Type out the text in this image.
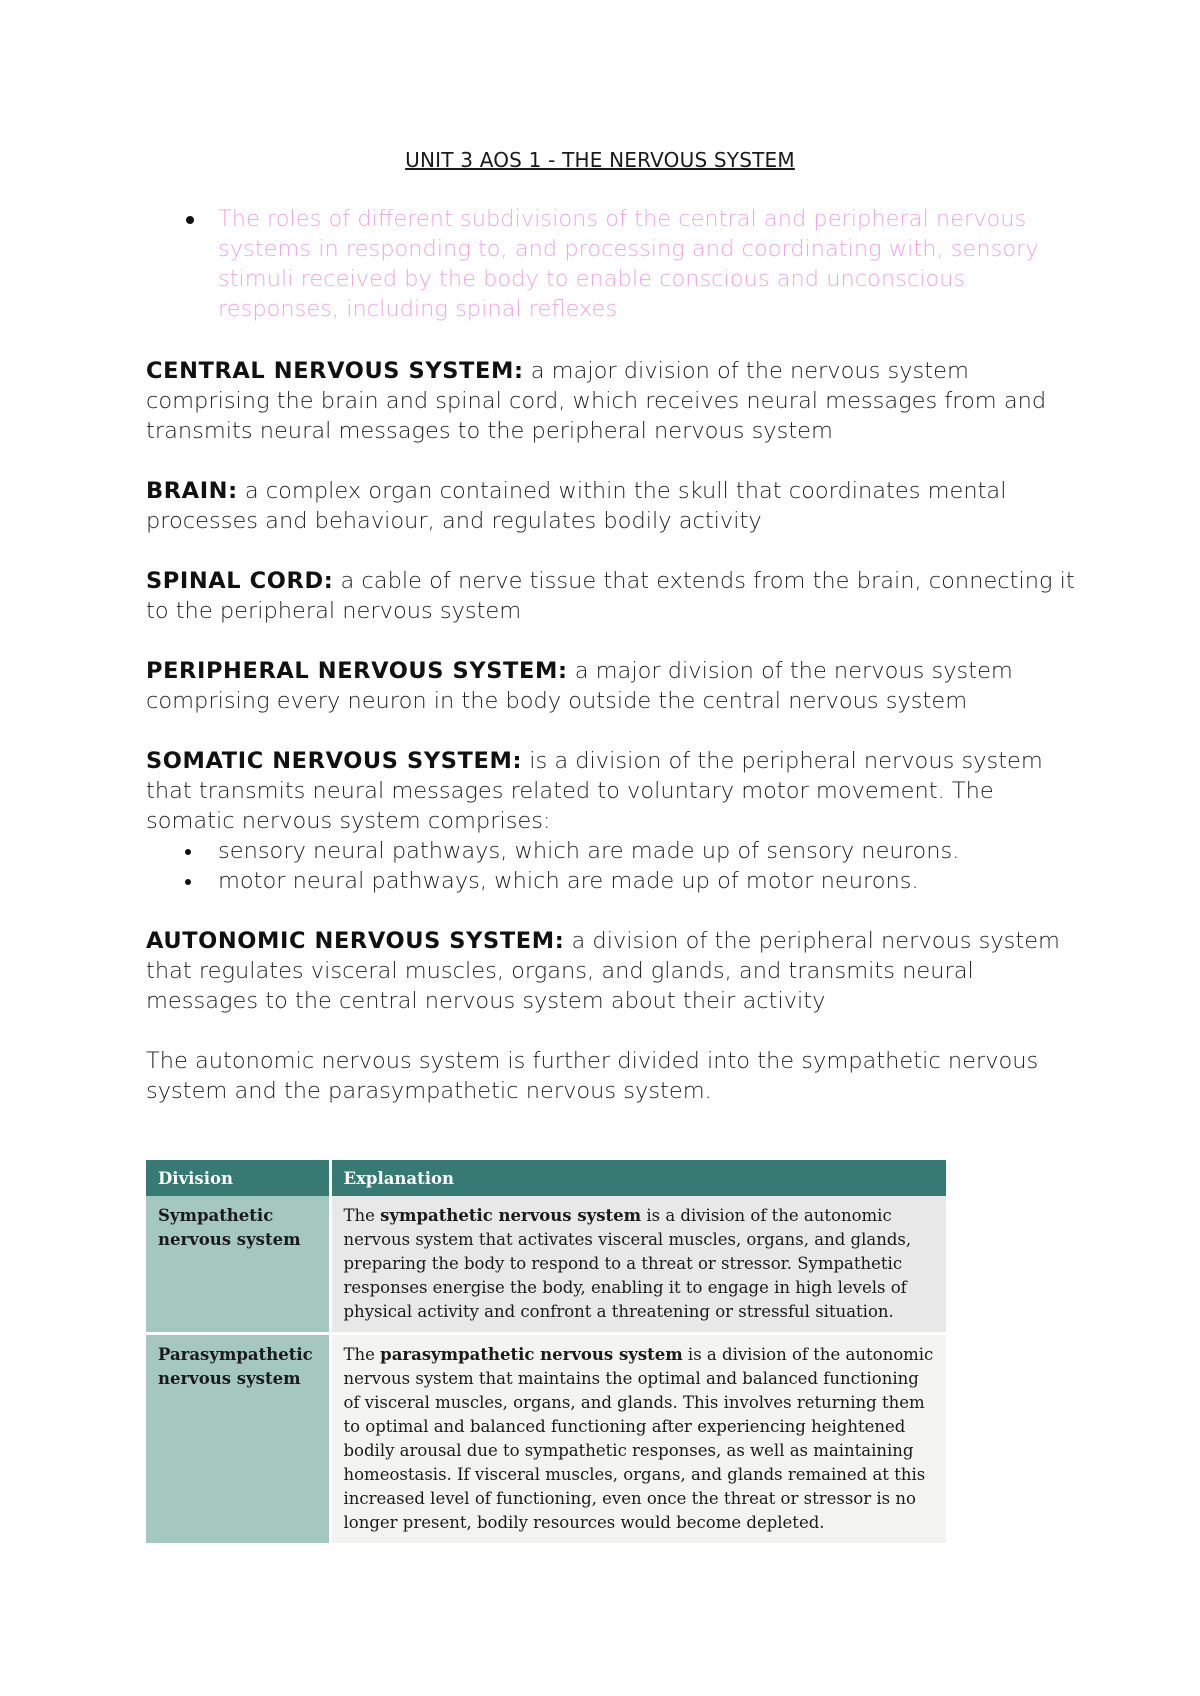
UNIT 3 AOS 1 - THE NERVOUS SYSTEM
The roles of different subdivisions of the central and peripheral nervous systems in responding to, and processing and coordinating with, sensory stimuli received by the body to enable conscious and unconscious responses, including spinal reflexes

CENTRAL NERVOUS SYSTEM: a major division of the nervous system comprising the brain and spinal cord, which receives neural messages from and transmits neural messages to the peripheral nervous system

BRAIN: a complex organ contained within the skull that coordinates mental processes and behaviour, and regulates bodily activity

SPINAL CORD: a cable of nerve tissue that extends from the brain, connecting it to the peripheral nervous system

PERIPHERAL NERVOUS SYSTEM: a major division of the nervous system comprising every neuron in the body outside the central nervous system

SOMATIC NERVOUS SYSTEM: is a division of the peripheral nervous system that transmits neural messages related to voluntary motor movement. The somatic nervous system comprises:

sensory neural pathways, which are made up of sensory neurons.
motor neural pathways, which are made up of motor neurons.

AUTONOMIC NERVOUS SYSTEM: a division of the peripheral nervous system that regulates visceral muscles, organs, and glands, and transmits neural messages to the central nervous system about their activity

The autonomic nervous system is further divided into the sympathetic nervous system and the parasympathetic nervous system.

Division	Explanation
Sympathetic nervous system	The sympathetic nervous system is a division of the autonomic nervous system that activates visceral muscles, organs, and glands, preparing the body to respond to a threat or stressor. Sympathetic responses energise the body, enabling it to engage in high levels of physical activity and confront a threatening or stressful situation.
Parasympathetic nervous system	The parasympathetic nervous system is a division of the autonomic nervous system that maintains the optimal and balanced functioning of visceral muscles, organs, and glands. This involves returning them to optimal and balanced functioning after experiencing heightened bodily arousal due to sympathetic responses, as well as maintaining homeostasis. If visceral muscles, organs, and glands remained at this increased level of functioning, even once the threat or stressor is no longer present, bodily resources would become depleted.
